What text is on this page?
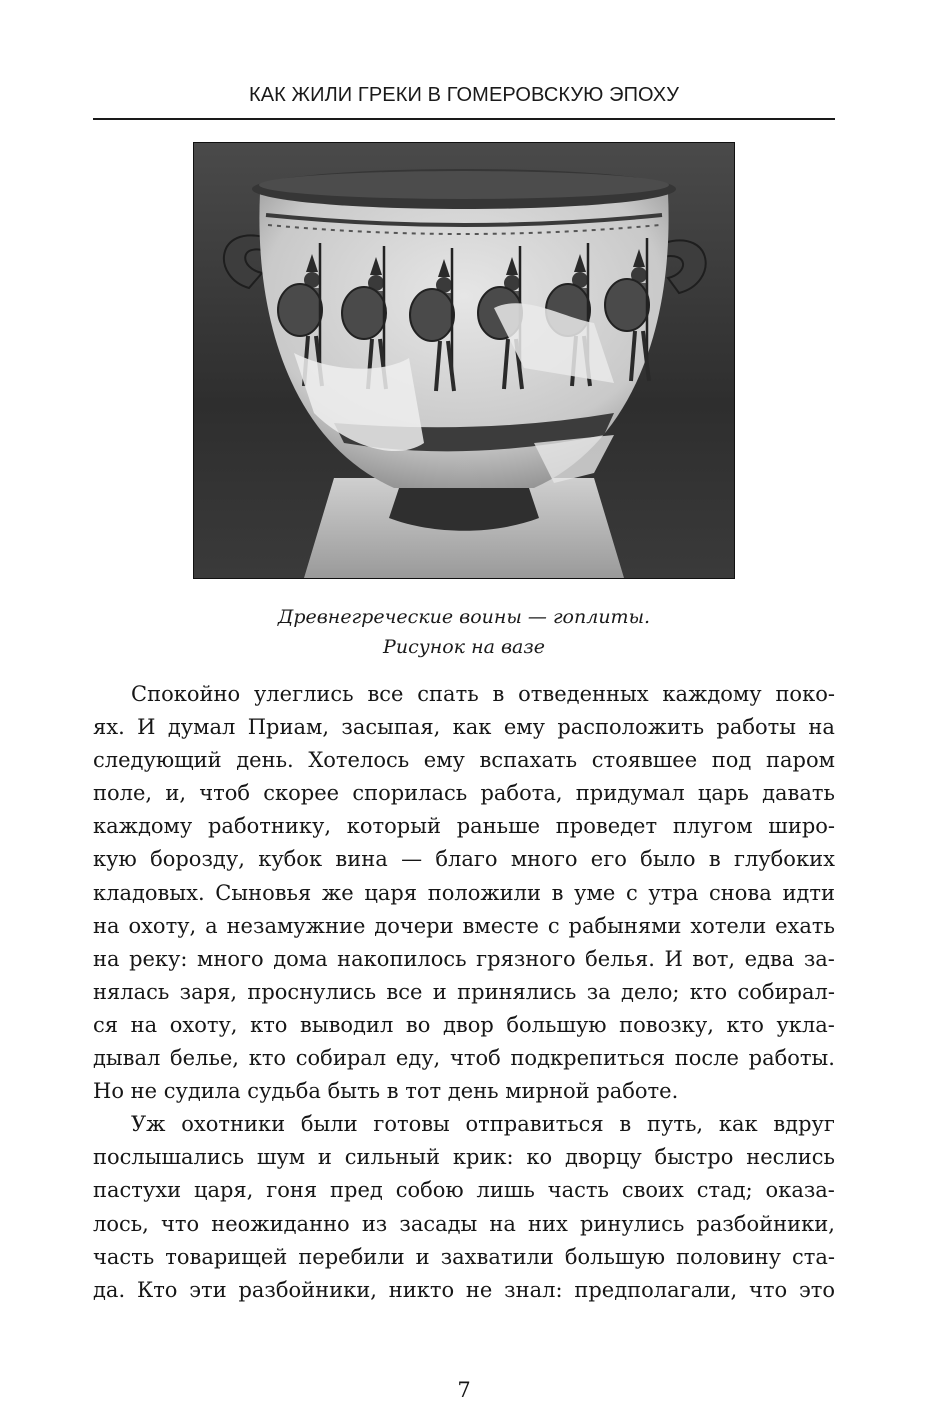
КАК ЖИЛИ ГРЕКИ В ГОМЕРОВСКУЮ ЭПОХУ
Древнегреческие воины — гоплиты.
Рисунок на вазе
Спокойно улеглись все спать в отведенных каждому поко-
ях. И думал Приам, засыпая, как ему расположить работы на
следующий день. Хотелось ему вспахать стоявшее под паром
поле, и, чтоб скорее спорилась работа, придумал царь давать
каждому работнику, который раньше проведет плугом широ-
кую борозду, кубок вина — благо много его было в глубоких
кладовых. Сыновья же царя положили в уме с утра снова идти
на охоту, а незамужние дочери вместе с рабынями хотели ехать
на реку: много дома накопилось грязного белья. И вот, едва за-
нялась заря, проснулись все и принялись за дело; кто собирал-
ся на охоту, кто выводил во двор большую повозку, кто укла-
дывал белье, кто собирал еду, чтоб подкрепиться после работы.
Но не судила судьба быть в тот день мирной работе.
Уж охотники были готовы отправиться в путь, как вдруг
послышались шум и сильный крик: ко дворцу быстро неслись
пастухи царя, гоня пред собою лишь часть своих стад; оказа-
лось, что неожиданно из засады на них ринулись разбойники,
часть товарищей перебили и захватили большую половину ста-
да. Кто эти разбойники, никто не знал: предполагали, что это
7
